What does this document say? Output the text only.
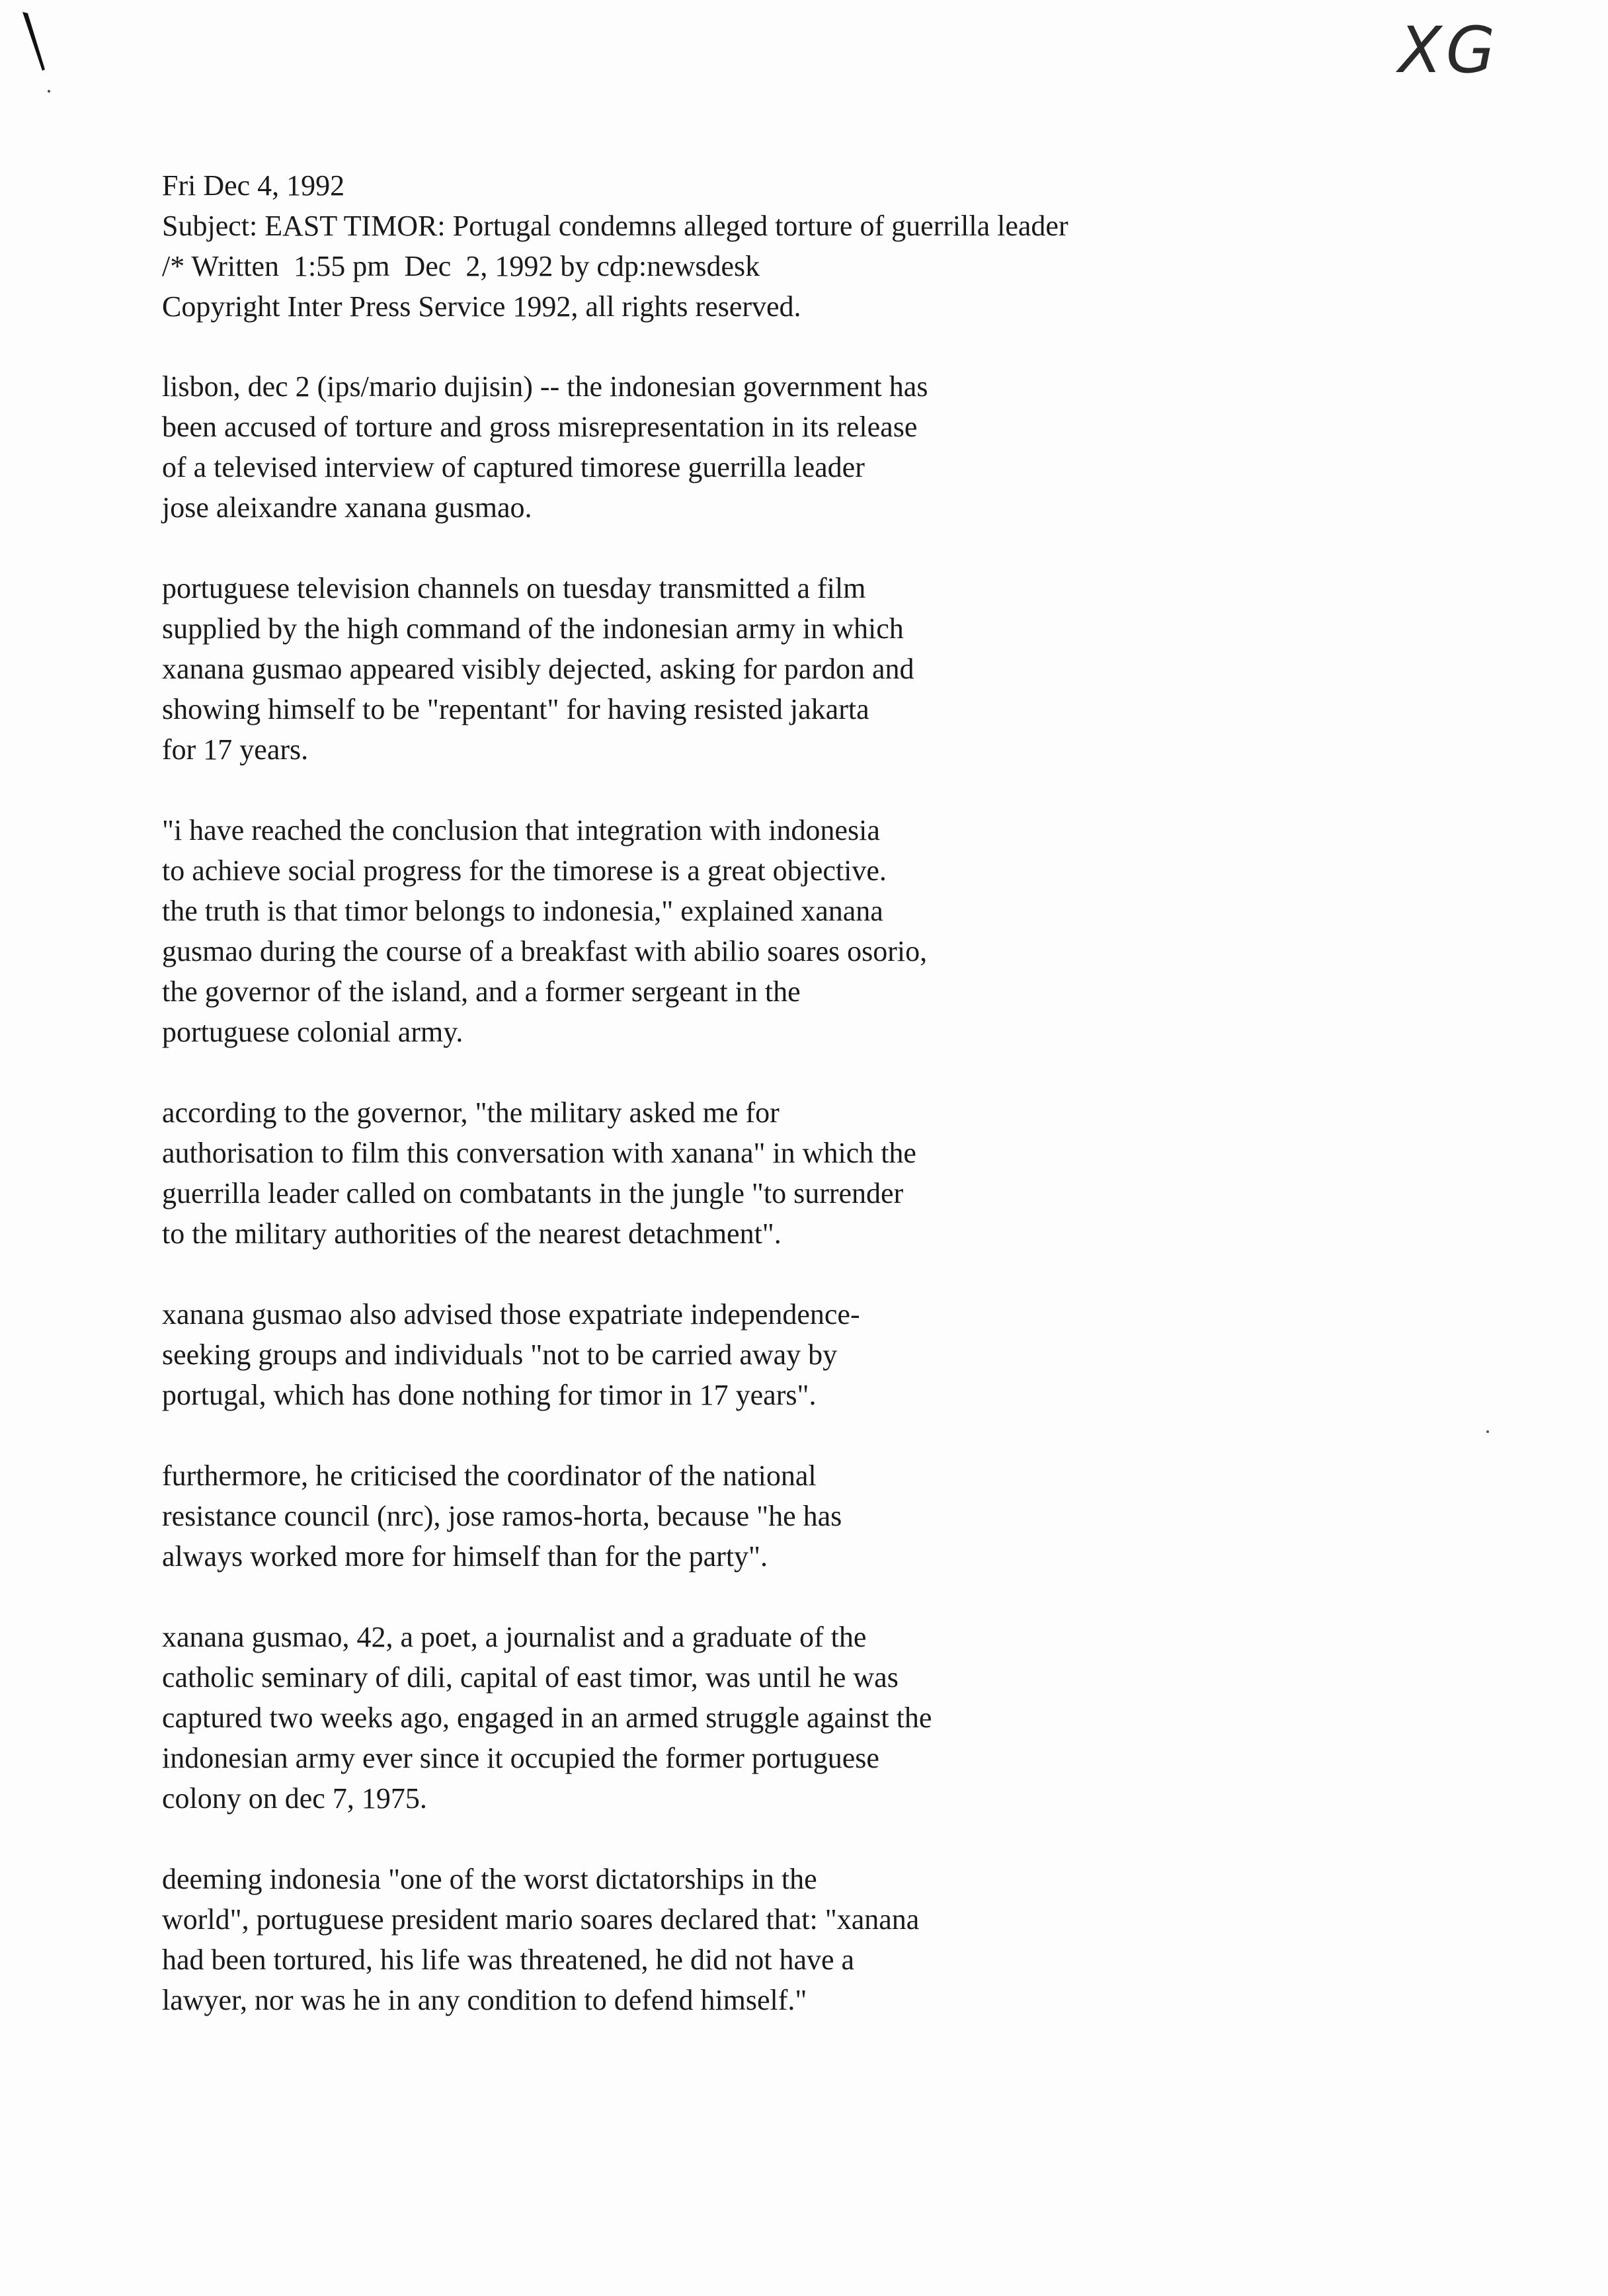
XG
Fri Dec 4, 1992
Subject: EAST TIMOR: Portugal condemns alleged torture of guerrilla leader
/* Written  1:55 pm  Dec  2, 1992 by cdp:newsdesk
Copyright Inter Press Service 1992, all rights reserved.
lisbon, dec 2 (ips/mario dujisin) -- the indonesian government has
been accused of torture and gross misrepresentation in its release
of a televised interview of captured timorese guerrilla leader
jose aleixandre xanana gusmao.
portuguese television channels on tuesday transmitted a film
supplied by the high command of the indonesian army in which
xanana gusmao appeared visibly dejected, asking for pardon and
showing himself to be "repentant" for having resisted jakarta
for 17 years.
"i have reached the conclusion that integration with indonesia
to achieve social progress for the timorese is a great objective.
the truth is that timor belongs to indonesia," explained xanana
gusmao during the course of a breakfast with abilio soares osorio,
the governor of the island, and a former sergeant in the
portuguese colonial army.
according to the governor, "the military asked me for
authorisation to film this conversation with xanana" in which the
guerrilla leader called on combatants in the jungle "to surrender
to the military authorities of the nearest detachment".
xanana gusmao also advised those expatriate independence-
seeking groups and individuals "not to be carried away by
portugal, which has done nothing for timor in 17 years".
furthermore, he criticised the coordinator of the national
resistance council (nrc), jose ramos-horta, because "he has
always worked more for himself than for the party".
xanana gusmao, 42, a poet, a journalist and a graduate of the
catholic seminary of dili, capital of east timor, was until he was
captured two weeks ago, engaged in an armed struggle against the
indonesian army ever since it occupied the former portuguese
colony on dec 7, 1975.
deeming indonesia "one of the worst dictatorships in the
world", portuguese president mario soares declared that: "xanana
had been tortured, his life was threatened, he did not have a
lawyer, nor was he in any condition to defend himself."
